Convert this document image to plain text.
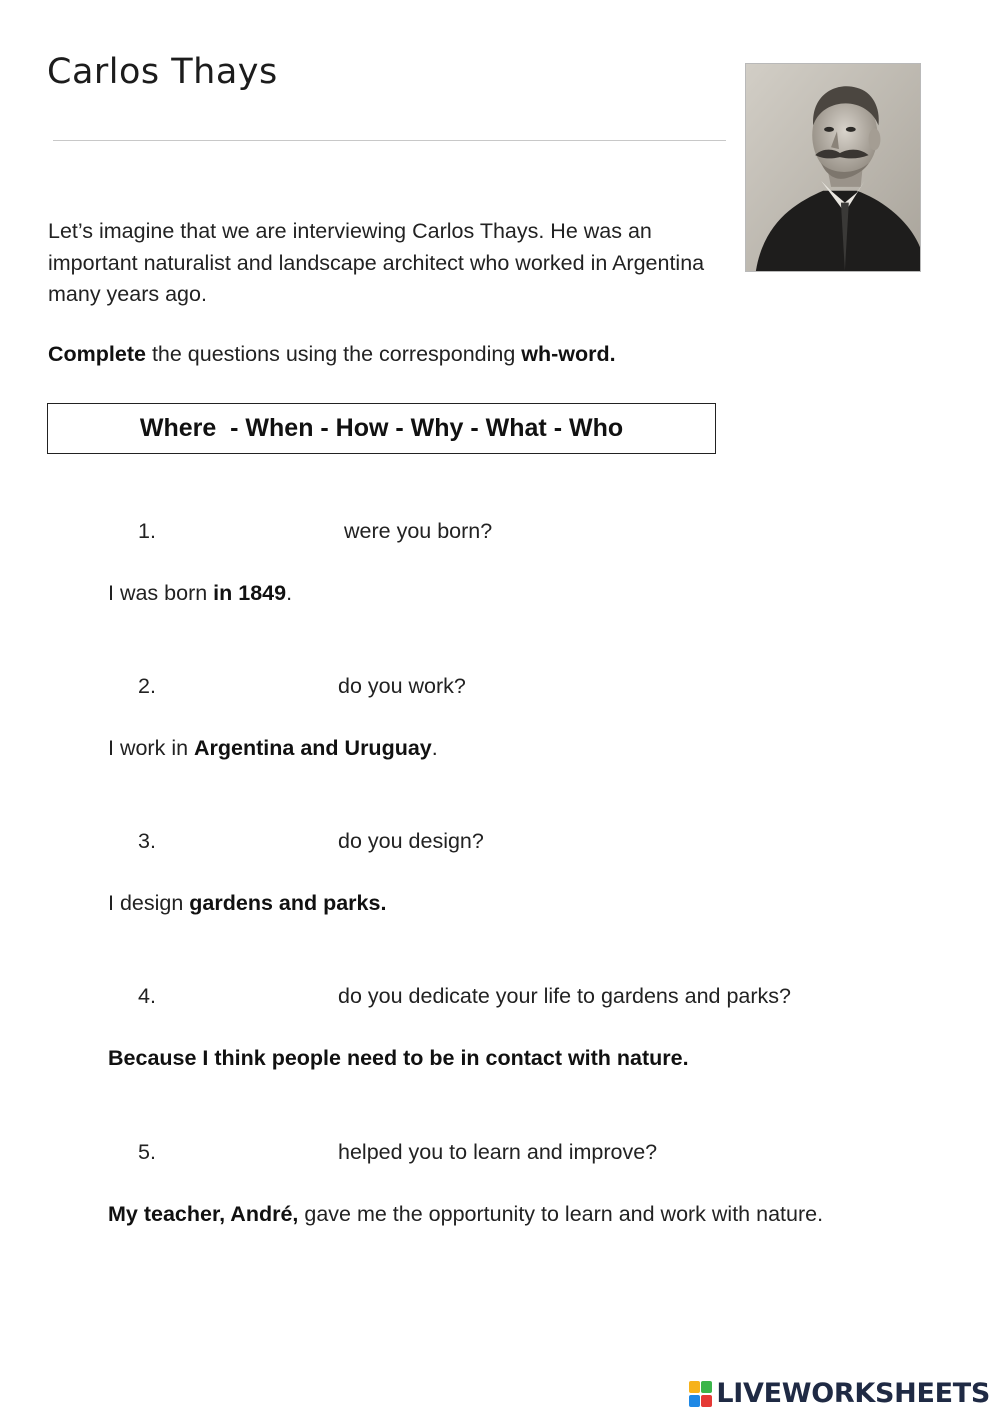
Carlos Thays

Let’s imagine that we are interviewing Carlos Thays. He was an important naturalist and landscape architect who worked in Argentina many years ago.

Complete the questions using the corresponding wh-word.

Where  - When - How - Why - What - Who
1.	were you born?

I was born in 1849.

2.	do you work?

I work in Argentina and Uruguay.

3.	do you design?

I design gardens and parks.

4.	do you dedicate your life to gardens and parks?

Because I think people need to be in contact with nature.

5.	helped you to learn and improve?

My teacher, André, gave me the opportunity to learn and work with nature.

LIVEWORKSHEETS
